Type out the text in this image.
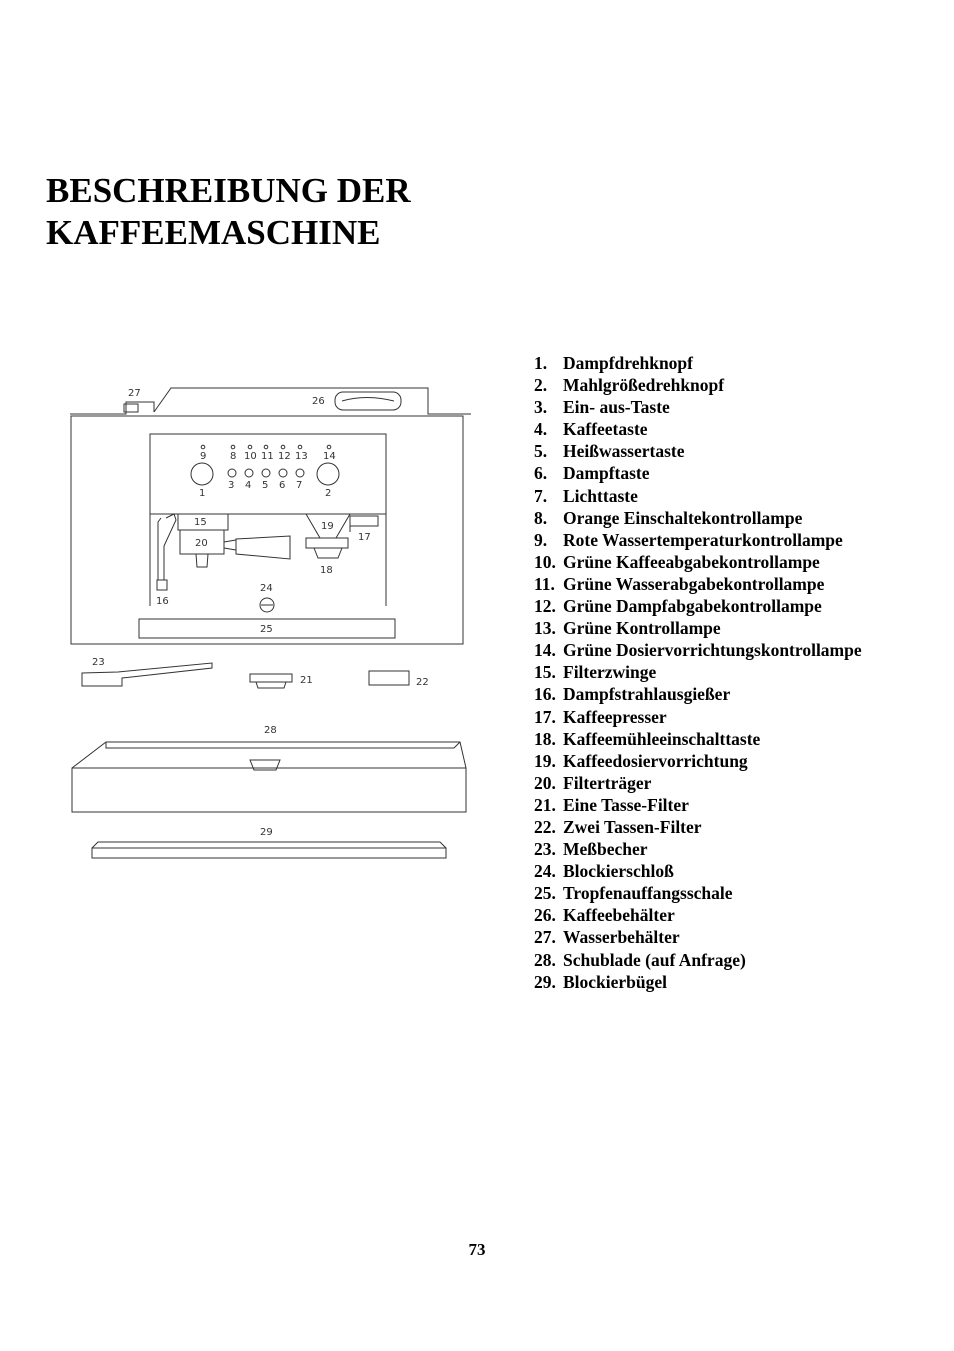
BESCHREIBUNG DER
KAFFEEMASCHINE
27
26
9 8 10 11 12 13 14
1
3 4 5 6 7
2
15
20
19
17
18
16
24
25
23
21	22
28
29
1. Dampfdrehknopf
2. Mahlgrößedrehknopf
3. Ein- aus-Taste
4. Kaffeetaste
5. Heißwassertaste
6. Dampftaste
7. Lichttaste
8. Orange Einschaltekontrollampe
9. Rote Wassertemperaturkontrollampe
10. Grüne Kaffeeabgabekontrollampe
11. Grüne Wasserabgabekontrollampe
12. Grüne Dampfabgabekontrollampe
13. Grüne Kontrollampe
14. Grüne Dosiervorrichtungskontrollampe
15. Filterzwinge
16. Dampfstrahlausgießer
17. Kaffeepresser
18. Kaffeemühleeinschalttaste
19. Kaffeedosiervorrichtung
20. Filterträger
21. Eine Tasse-Filter
22. Zwei Tassen-Filter
23. Meßbecher
24. Blockierschloß
25. Tropfenauffangsschale
26. Kaffeebehälter
27. Wasserbehälter
28. Schublade (auf Anfrage)
29. Blockierbügel
73
